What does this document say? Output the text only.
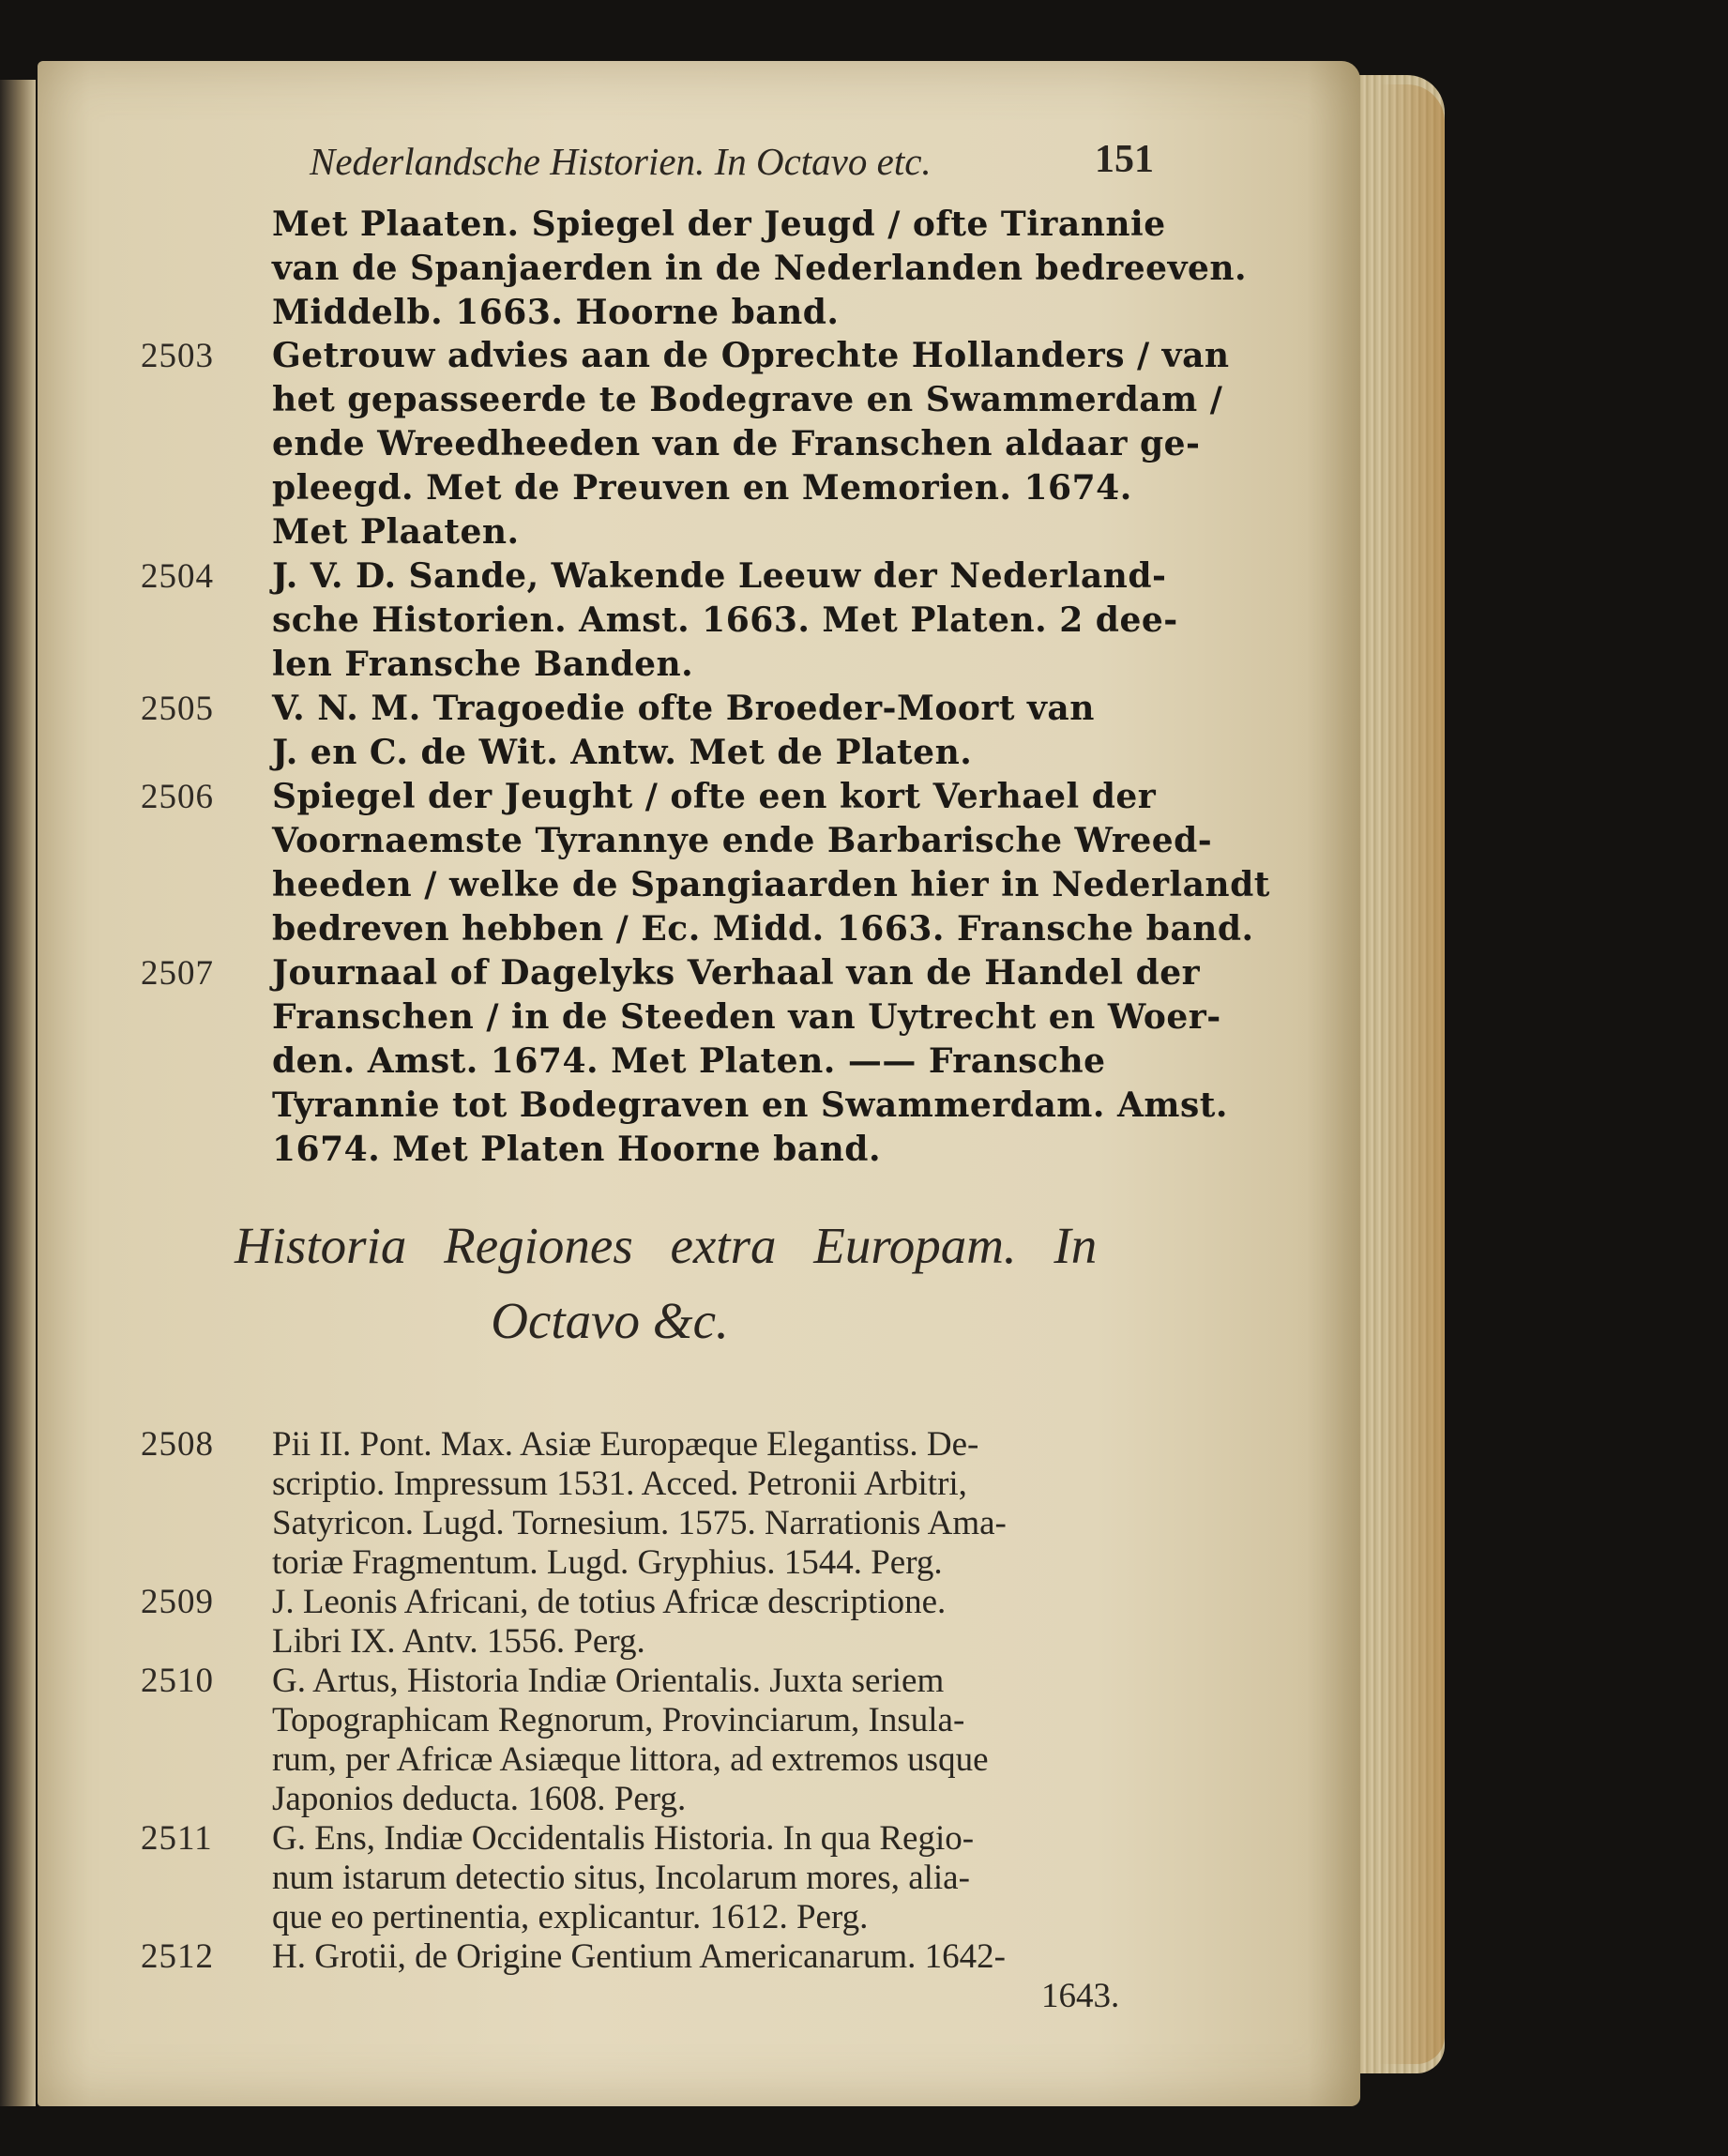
Nederlandsche Historien. In Octavo etc.	151
Met Plaaten. Spiegel der Jeugd / ofte Tirannie
van de Spanjaerden in de Nederlanden bedreeven.
Middelb. 1663. Hoorne band.
2503 Getrouw advies aan de Oprechte Hollanders / van
het gepasseerde te Bodegrave en Swammerdam /
ende Wreedheeden van de Franschen aldaar ge-
pleegd. Met de Preuven en Memorien. 1674.
Met Plaaten.
2504 J. V. D. Sande, Wakende Leeuw der Nederland-
sche Historien. Amst. 1663. Met Platen. 2 dee-
len Fransche Banden.
2505 V. N. M. Tragoedie ofte Broeder-Moort van
J. en C. de Wit. Antw. Met de Platen.
2506 Spiegel der Jeught / ofte een kort Verhael der
Voornaemste Tyrannye ende Barbarische Wreed-
heeden / welke de Spangiaarden hier in Nederlandt
bedreven hebben / Ec. Midd. 1663. Fransche band.
2507 Journaal of Dagelyks Verhaal van de Handel der
Franschen / in de Steeden van Uytrecht en Woer-
den. Amst. 1674. Met Platen. —— Fransche
Tyrannie tot Bodegraven en Swammerdam. Amst.
1674. Met Platen Hoorne band.
Historia Regiones extra Europam. In
Octavo &c.
2508 Pii II. Pont. Max. Asiæ Europæque Elegantiss. De-
scriptio. Impressum 1531. Acced. Petronii Arbitri,
Satyricon. Lugd. Tornesium. 1575. Narrationis Ama-
toriæ Fragmentum. Lugd. Gryphius. 1544. Perg.
2509 J. Leonis Africani, de totius Africæ descriptione.
Libri IX. Antv. 1556. Perg.
2510 G. Artus, Historia Indiæ Orientalis. Juxta seriem
Topographicam Regnorum, Provinciarum, Insula-
rum, per Africæ Asiæque littora, ad extremos usque
Japonios deducta. 1608. Perg.
2511 G. Ens, Indiæ Occidentalis Historia. In qua Regio-
num istarum detectio situs, Incolarum mores, alia-
que eo pertinentia, explicantur. 1612. Perg.
2512 H. Grotii, de Origine Gentium Americanarum. 1642-
1643.
